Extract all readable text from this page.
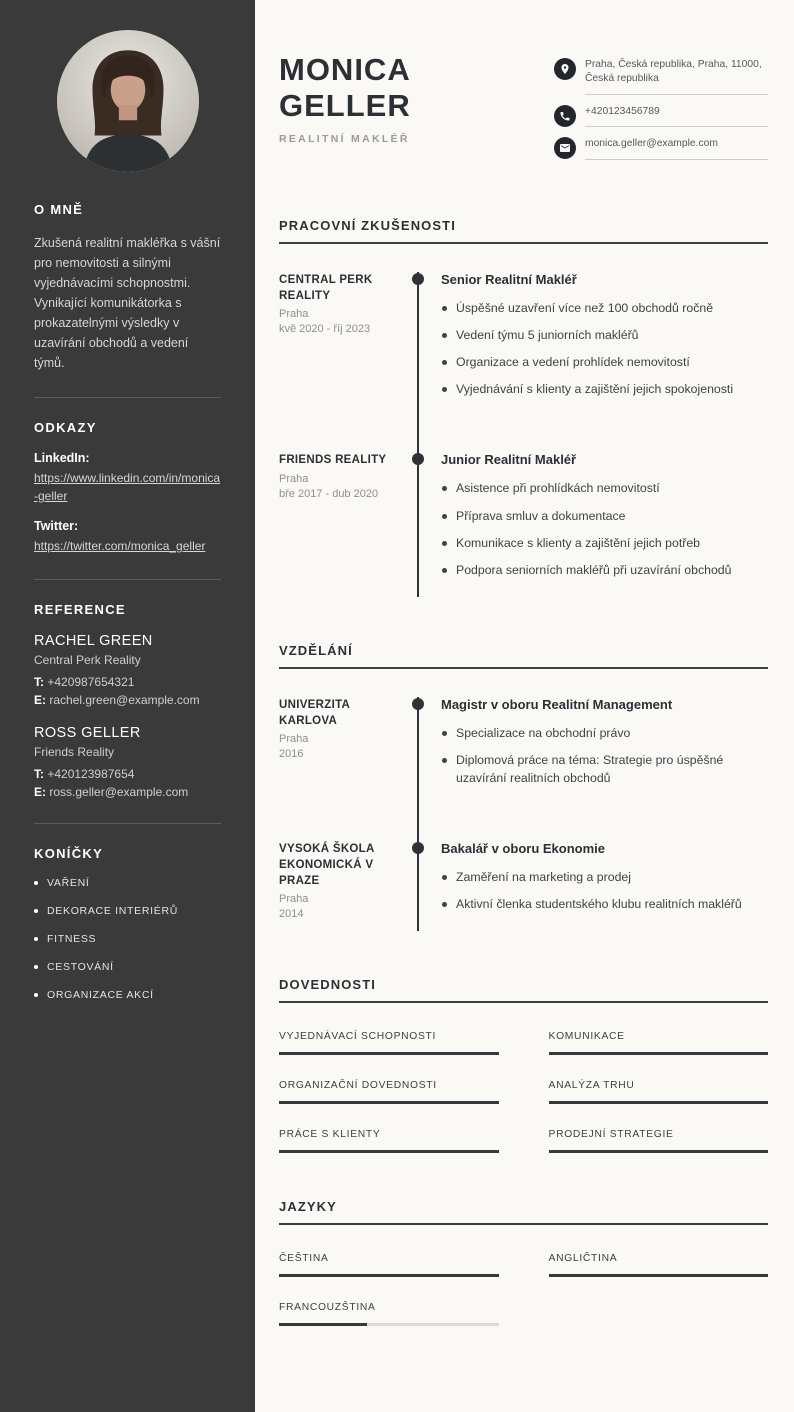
O MNĚ

Zkušená realitní makléřka s vášní pro nemovitosti a silnými vyjednávacími schopnostmi. Vynikající komunikátorka s prokazatelnými výsledky v uzavírání obchodů a vedení týmů.

ODKAZY

LinkedIn:

https://www.linkedin.com/in/monica-geller

Twitter:

https://twitter.com/monica_geller
REFERENCE

RACHEL GREEN

Central Perk Reality

T: +420987654321

E: rachel.green@example.com

ROSS GELLER

Friends Reality

T: +420123987654

E: ross.geller@example.com

KONÍČKY
VAŘENÍ
DEKORACE INTERIÉRŮ
FITNESS
CESTOVÁNÍ
ORGANIZACE AKCÍ
MONICA
GELLER
REALITNÍ MAKLÉŘ
Praha, Česká republika, Praha, 11000, Česká republika
+420123456789
monica.geller@example.com
PRACOVNÍ ZKUŠENOSTI
CENTRAL PERK REALITY
Praha
kvě 2020 - říj 2023
Senior Realitní Makléř
Úspěšné uzavření více než 100 obchodů ročně
Vedení týmu 5 juniorních makléřů
Organizace a vedení prohlídek nemovitostí
Vyjednávání s klienty a zajištění jejich spokojenosti
FRIENDS REALITY
Praha
bře 2017 - dub 2020
Junior Realitní Makléř
Asistence při prohlídkách nemovitostí
Příprava smluv a dokumentace
Komunikace s klienty a zajištění jejich potřeb
Podpora seniorních makléřů při uzavírání obchodů
VZDĚLÁNÍ
UNIVERZITA KARLOVA
Praha
2016
Magistr v oboru Realitní Management
Specializace na obchodní právo
Diplomová práce na téma: Strategie pro úspěšné uzavírání realitních obchodů
VYSOKÁ ŠKOLA EKONOMICKÁ V PRAZE
Praha
2014
Bakalář v oboru Ekonomie
Zaměření na marketing a prodej
Aktivní členka studentského klubu realitních makléřů
DOVEDNOSTI
VYJEDNÁVACÍ SCHOPNOSTI	KOMUNIKACE
ORGANIZAČNÍ DOVEDNOSTI	ANALÝZA TRHU
PRÁCE S KLIENTY	PRODEJNÍ STRATEGIE
JAZYKY
ČEŠTINA	ANGLIČTINA
FRANCOUZŠTINA
